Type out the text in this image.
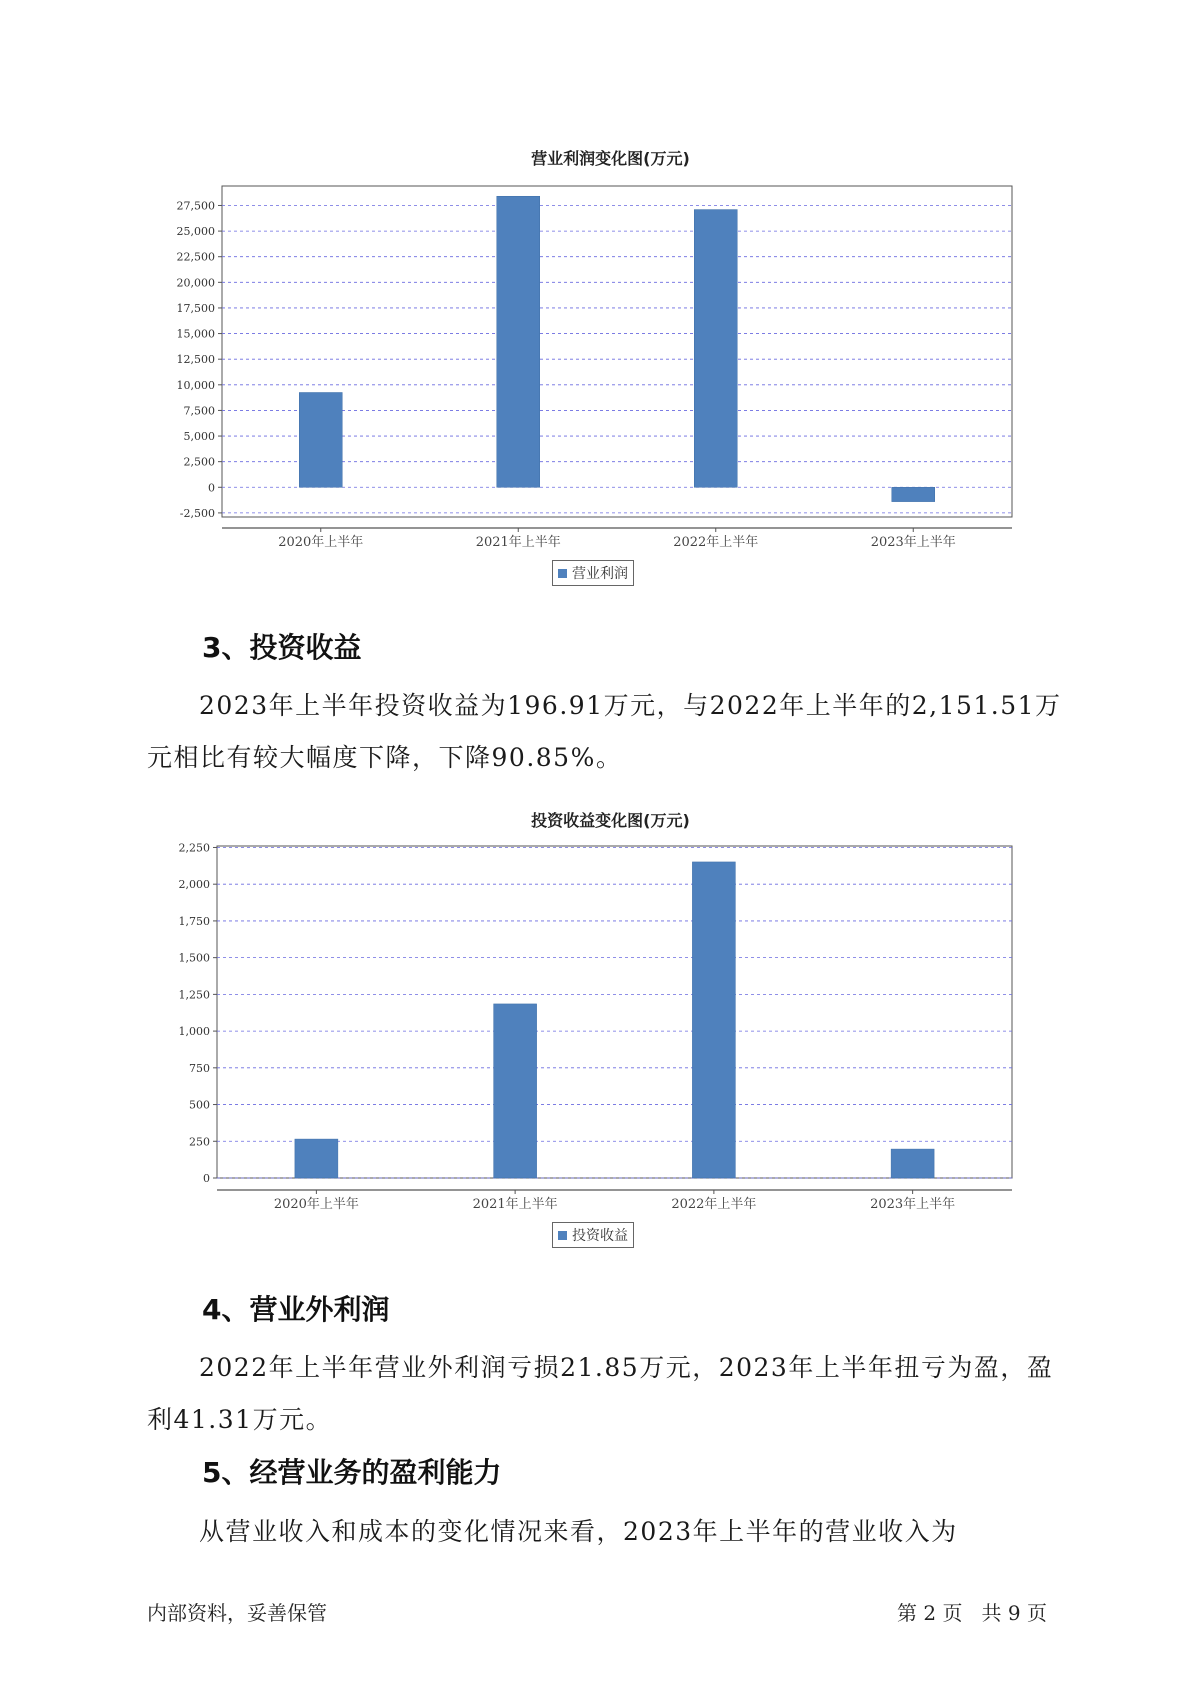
营业利润变化图(万元)
-2,500
0
2,500
5,000
7,500
10,000
12,500
15,000
17,500
20,000
22,500
25,000
27,500
2020年上半年	2021年上半年	2022年上半年	2023年上半年
营业利润
3、投资收益
2023年上半年投资收益为196.91万元，与2022年上半年的2,151.51万
元相比有较大幅度下降，下降90.85%。
投资收益变化图(万元)
0
250
500
750
1,000
1,250
1,500
1,750
2,000
2,250
2020年上半年	2021年上半年	2022年上半年	2023年上半年
投资收益
4、营业外利润
2022年上半年营业外利润亏损21.85万元，2023年上半年扭亏为盈，盈
利41.31万元。
5、经营业务的盈利能力
从营业收入和成本的变化情况来看，2023年上半年的营业收入为
内部资料，妥善保管	第 2 页   共 9 页
